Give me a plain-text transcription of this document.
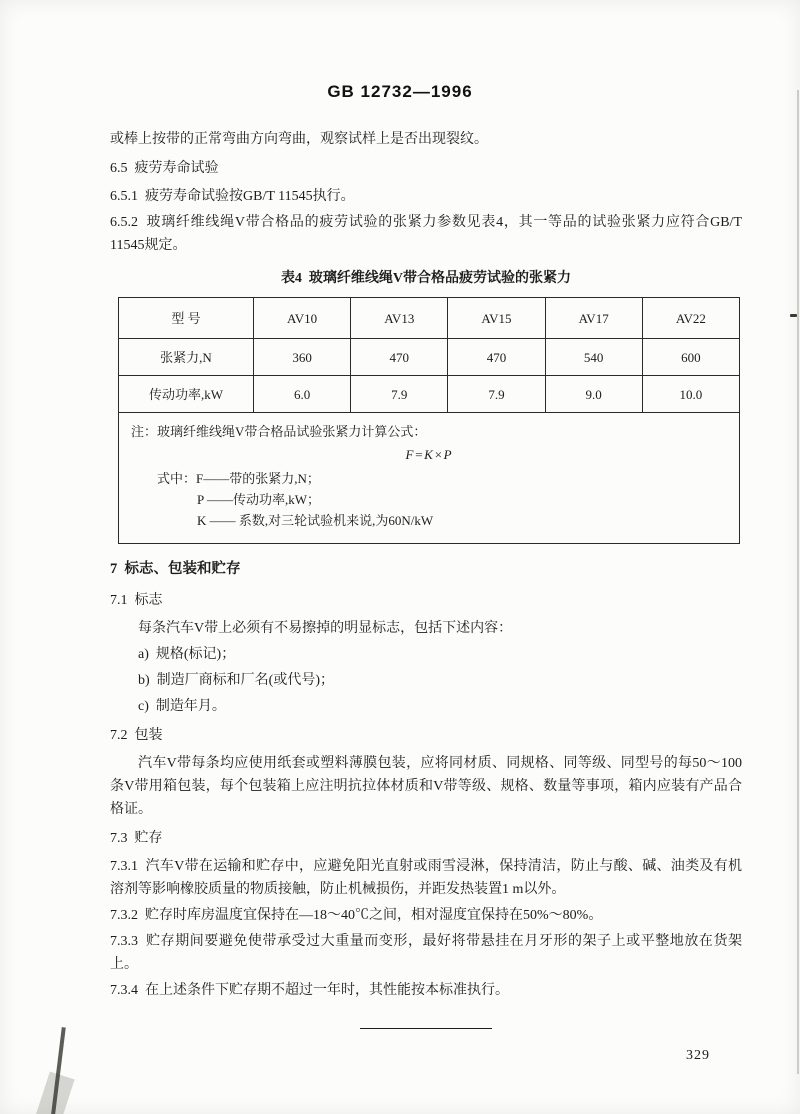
GB 12732—1996

或棒上按带的正常弯曲方向弯曲，观察试样上是否出现裂纹。

6.5  疲劳寿命试验

6.5.1  疲劳寿命试验按GB/T 11545执行。

6.5.2  玻璃纤维线绳V带合格品的疲劳试验的张紧力参数见表4，其一等品的试验张紧力应符合GB/T 11545规定。

表4  玻璃纤维线绳V带合格品疲劳试验的张紧力
型 号	AV10	AV13	AV15	AV17	AV22
张紧力,N	360	470	470	540	600
传动功率,kW	6.0	7.9	7.9	9.0	10.0

注：玻璃纤维线绳V带合格品试验张紧力计算公式：
F=K×P
式中：F——带的张紧力,N；
P ——传动功率,kW；
K —— 系数,对三轮试验机来说,为60N/kW					

7  标志、包装和贮存

7.1  标志

每条汽车V带上必须有不易擦掉的明显标志，包括下述内容：

a)  规格(标记)；

b)  制造厂商标和厂名(或代号)；

c)  制造年月。

7.2  包装

汽车V带每条均应使用纸套或塑料薄膜包装，应将同材质、同规格、同等级、同型号的每50～100条V带用箱包装，每个包装箱上应注明抗拉体材质和V带等级、规格、数量等事项，箱内应装有产品合格证。

7.3  贮存

7.3.1  汽车V带在运输和贮存中，应避免阳光直射或雨雪浸淋，保持清洁，防止与酸、碱、油类及有机溶剂等影响橡胶质量的物质接触，防止机械损伤，并距发热装置1 m以外。

7.3.2  贮存时库房温度宜保持在—18～40℃之间，相对湿度宜保持在50%～80%。

7.3.3  贮存期间要避免使带承受过大重量而变形，最好将带悬挂在月牙形的架子上或平整地放在货架上。

7.3.4  在上述条件下贮存期不超过一年时，其性能按本标准执行。

329
